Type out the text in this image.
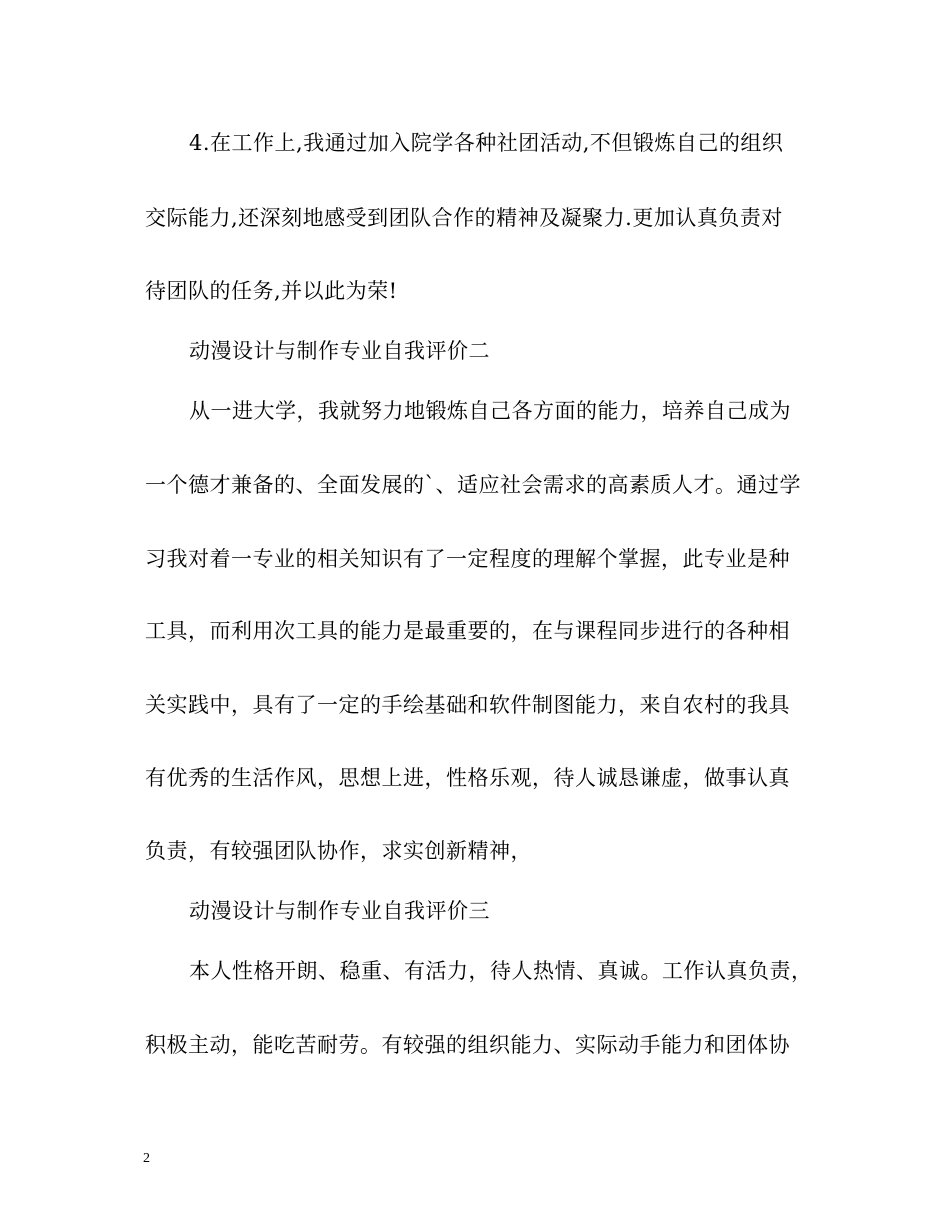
4.在工作上,我通过加入院学各种社团活动,不但锻炼自己的组织
交际能力,还深刻地感受到团队合作的精神及凝聚力.更加认真负责对
待团队的任务,并以此为荣!
动漫设计与制作专业自我评价二
从一进大学，我就努力地锻炼自己各方面的能力，培养自己成为
一个德才兼备的、全面发展的`、适应社会需求的高素质人才。通过学
习我对着一专业的相关知识有了一定程度的理解个掌握，此专业是种
工具，而利用次工具的能力是最重要的，在与课程同步进行的各种相
关实践中，具有了一定的手绘基础和软件制图能力，来自农村的我具
有优秀的生活作风，思想上进，性格乐观，待人诚恳谦虚，做事认真
负责，有较强团队协作，求实创新精神，
动漫设计与制作专业自我评价三
本人性格开朗、稳重、有活力，待人热情、真诚。工作认真负责，
积极主动，能吃苦耐劳。有较强的组织能力、实际动手能力和团体协
2
